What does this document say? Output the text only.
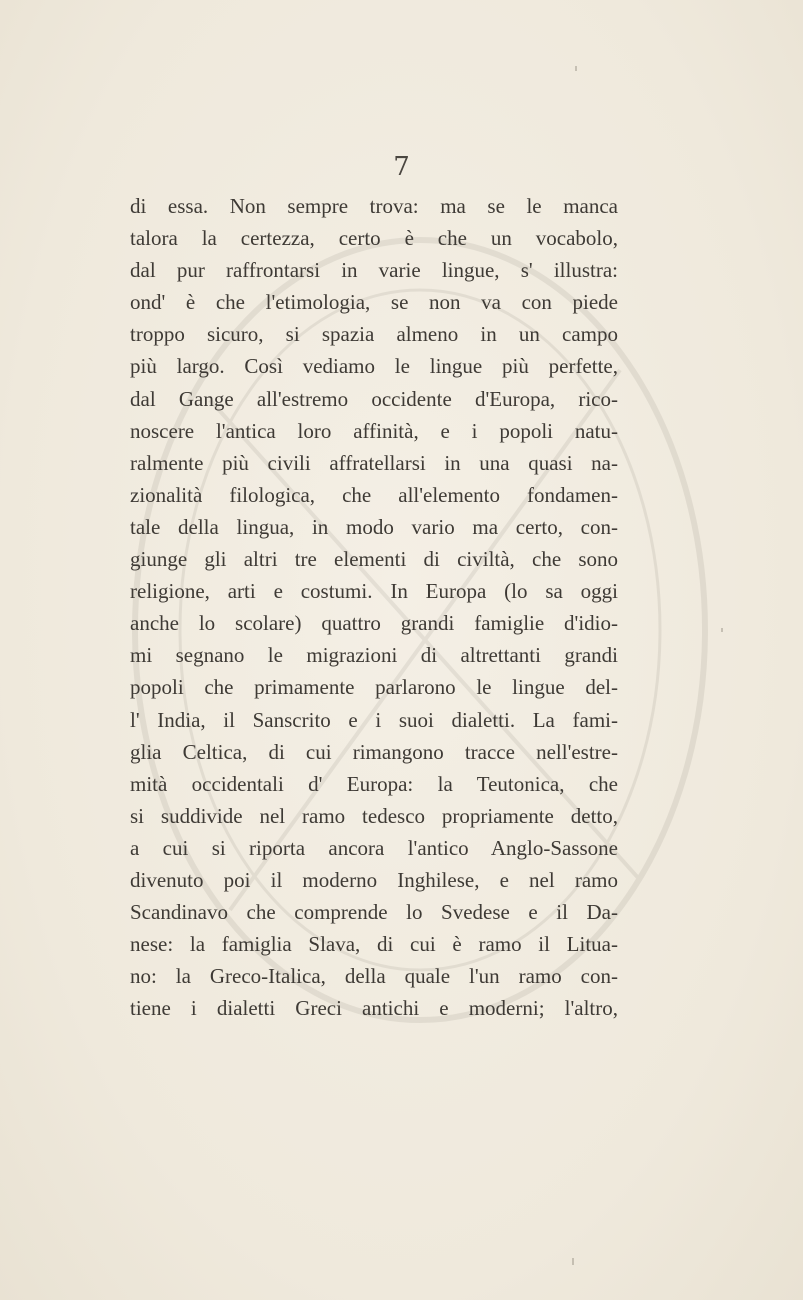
7
di essa. Non sempre trova: ma se le manca
talora la certezza, certo è che un vocabolo,
dal pur raffrontarsi in varie lingue, s' illustra:
ond' è che l'etimologia, se non va con piede
troppo sicuro, si spazia almeno in un campo
più largo. Così vediamo le lingue più perfette,
dal Gange all'estremo occidente d'Europa, rico-
noscere l'antica loro affinità, e i popoli natu-
ralmente più civili affratellarsi in una quasi na-
zionalità filologica, che all'elemento fondamen-
tale della lingua, in modo vario ma certo, con-
giunge gli altri tre elementi di civiltà, che sono
religione, arti e costumi. In Europa (lo sa oggi
anche lo scolare) quattro grandi famiglie d'idio-
mi segnano le migrazioni di altrettanti grandi
popoli che primamente parlarono le lingue del-
l' India, il Sanscrito e i suoi dialetti. La fami-
glia Celtica, di cui rimangono tracce nell'estre-
mità occidentali d' Europa: la Teutonica, che
si suddivide nel ramo tedesco propriamente detto,
a cui si riporta ancora l'antico Anglo-Sassone
divenuto poi il moderno Inghilese, e nel ramo
Scandinavo che comprende lo Svedese e il Da-
nese: la famiglia Slava, di cui è ramo il Litua-
no: la Greco-Italica, della quale l'un ramo con-
tiene i dialetti Greci antichi e moderni; l'altro,
